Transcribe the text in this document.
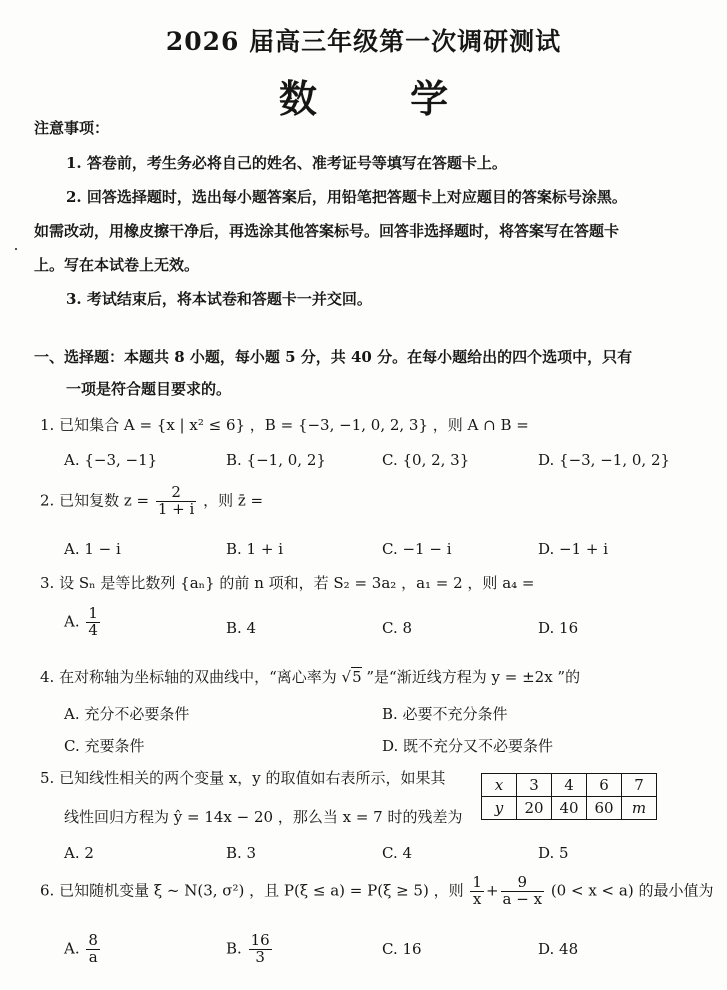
2026 届高三年级第一次调研测试
数 学
注意事项：
1. 答卷前，考生务必将自己的姓名、准考证号等填写在答题卡上。
2. 回答选择题时，选出每小题答案后，用铅笔把答题卡上对应题目的答案标号涂黑。
如需改动，用橡皮擦干净后，再选涂其他答案标号。回答非选择题时，将答案写在答题卡
上。写在本试卷上无效。
3. 考试结束后，将本试卷和答题卡一并交回。
一、选择题：本题共 8 小题，每小题 5 分，共 40 分。在每小题给出的四个选项中，只有
一项是符合题目要求的。
1. 已知集合 A = {x | x² ≤ 6} ，B = {−3, −1, 0, 2, 3} ，则 A ∩ B =
A. {−3, −1}	B. {−1, 0, 2}	C. {0, 2, 3}	D. {−3, −1, 0, 2}
2. 已知复数 $z = \frac{2}{1 + i}$ ，则 z̄ =
A. 1 − i	B. 1 + i	C. −1 − i	D. −1 + i
3. 设 Sₙ 是等比数列 {aₙ} 的前 n 项和，若 S₂ = 3a₂ ，a₁ = 2 ，则 a₄ =
A. $\frac{1}{4}$	B. 4	C. 8	D. 16
4. 在对称轴为坐标轴的双曲线中，“离心率为 √5 ”是“渐近线方程为 y = ±2x ”的
A. 充分不必要条件	B. 必要不充分条件
C. 充要条件	D. 既不充分又不必要条件
5. 已知线性相关的两个变量 x，y 的取值如右表所示，如果其
线性回归方程为 ŷ = 14x − 20 ，那么当 x = 7 时的残差为
x	3	4	6	7
y	20	40	60	m
A. 2	B. 3	C. 4	D. 5
6. 已知随机变量 ξ ~ N(3, σ²) ，且 P(ξ ≤ a) = P(ξ ≥ 5) ，则 $\frac{1}{x} + \frac{9}{a - x} (0 < x < a)$ 的最小值为
A. $\frac{8}{a}$	B. $\frac{16}{3}$	C. 16	D. 48
